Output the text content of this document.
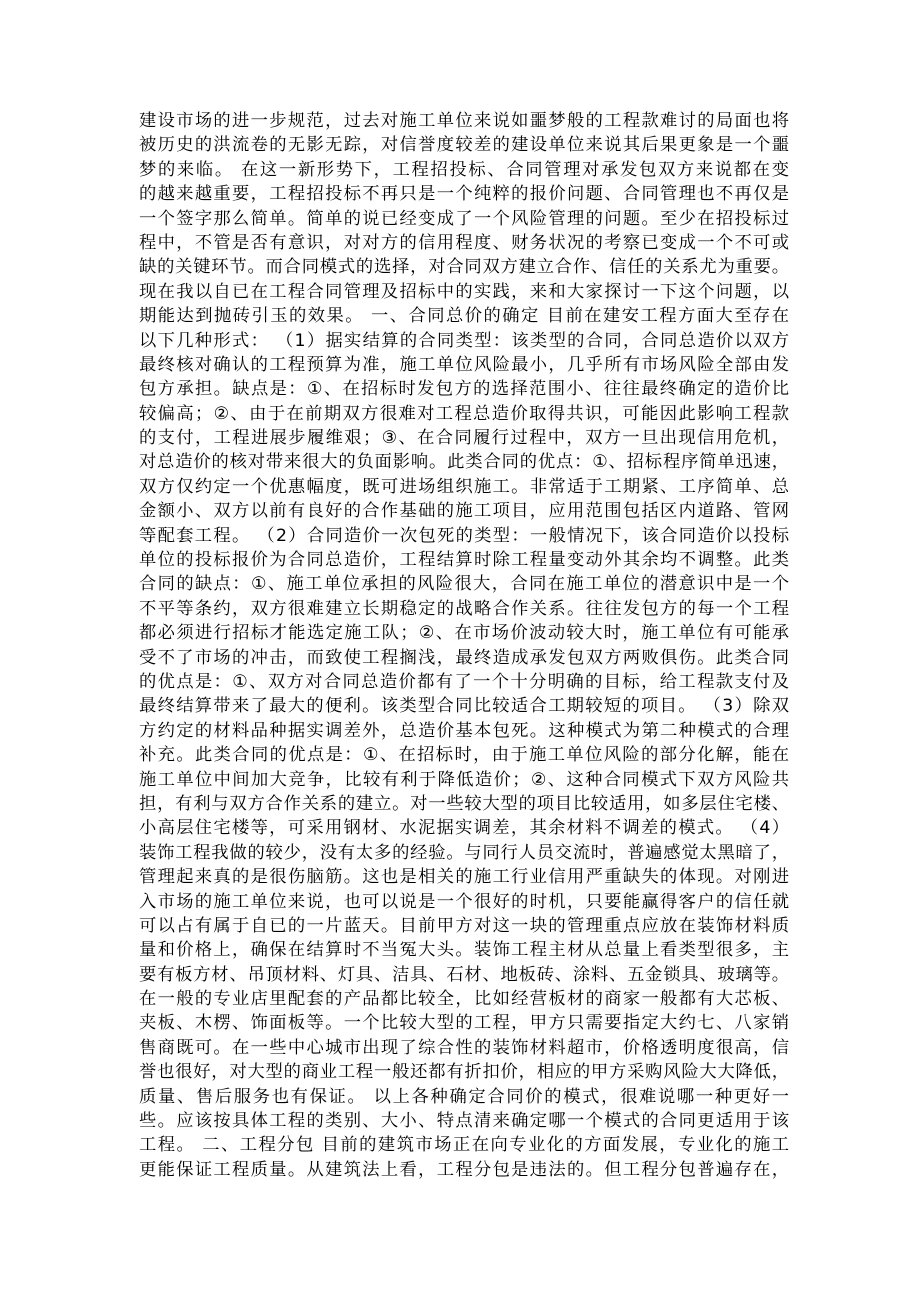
建设市场的进一步规范，过去对施工单位来说如噩梦般的工程款难讨的局面也将
被历史的洪流卷的无影无踪，对信誉度较差的建设单位来说其后果更象是一个噩
梦的来临。 在这一新形势下，工程招投标、合同管理对承发包双方来说都在变
的越来越重要，工程招投标不再只是一个纯粹的报价问题、合同管理也不再仅是
一个签字那么简单。简单的说已经变成了一个风险管理的问题。至少在招投标过
程中，不管是否有意识，对对方的信用程度、财务状况的考察已变成一个不可或
缺的关键环节。而合同模式的选择，对合同双方建立合作、信任的关系尤为重要。
现在我以自已在工程合同管理及招标中的实践，来和大家探讨一下这个问题，以
期能达到抛砖引玉的效果。 一、合同总价的确定 目前在建安工程方面大至存在
以下几种形式： （1）据实结算的合同类型：该类型的合同，合同总造价以双方
最终核对确认的工程预算为准，施工单位风险最小，几乎所有市场风险全部由发
包方承担。缺点是：①、在招标时发包方的选择范围小、往往最终确定的造价比
较偏高；②、由于在前期双方很难对工程总造价取得共识，可能因此影响工程款
的支付，工程进展步履维艰；③、在合同履行过程中，双方一旦出现信用危机，
对总造价的核对带来很大的负面影响。此类合同的优点：①、招标程序简单迅速，
双方仅约定一个优惠幅度，既可进场组织施工。非常适于工期紧、工序简单、总
金额小、双方以前有良好的合作基础的施工项目，应用范围包括区内道路、管网
等配套工程。 （2）合同造价一次包死的类型：一般情况下，该合同造价以投标
单位的投标报价为合同总造价，工程结算时除工程量变动外其余均不调整。此类
合同的缺点：①、施工单位承担的风险很大，合同在施工单位的潜意识中是一个
不平等条约，双方很难建立长期稳定的战略合作关系。往往发包方的每一个工程
都必须进行招标才能选定施工队；②、在市场价波动较大时，施工单位有可能承
受不了市场的冲击，而致使工程搁浅，最终造成承发包双方两败俱伤。此类合同
的优点是：①、双方对合同总造价都有了一个十分明确的目标，给工程款支付及
最终结算带来了最大的便利。该类型合同比较适合工期较短的项目。 （3）除双
方约定的材料品种据实调差外，总造价基本包死。这种模式为第二种模式的合理
补充。此类合同的优点是：①、在招标时，由于施工单位风险的部分化解，能在
施工单位中间加大竞争，比较有利于降低造价；②、这种合同模式下双方风险共
担，有利与双方合作关系的建立。对一些较大型的项目比较适用，如多层住宅楼、
小高层住宅楼等，可采用钢材、水泥据实调差，其余材料不调差的模式。 （4）
装饰工程我做的较少，没有太多的经验。与同行人员交流时，普遍感觉太黑暗了，
管理起来真的是很伤脑筋。这也是相关的施工行业信用严重缺失的体现。对刚进
入市场的施工单位来说，也可以说是一个很好的时机，只要能赢得客户的信任就
可以占有属于自已的一片蓝天。目前甲方对这一块的管理重点应放在装饰材料质
量和价格上，确保在结算时不当冤大头。装饰工程主材从总量上看类型很多，主
要有板方材、吊顶材料、灯具、洁具、石材、地板砖、涂料、五金锁具、玻璃等。
在一般的专业店里配套的产品都比较全，比如经营板材的商家一般都有大芯板、
夹板、木楞、饰面板等。一个比较大型的工程，甲方只需要指定大约七、八家销
售商既可。在一些中心城市出现了综合性的装饰材料超市，价格透明度很高，信
誉也很好，对大型的商业工程一般还都有折扣价，相应的甲方采购风险大大降低，
质量、售后服务也有保证。 以上各种确定合同价的模式，很难说哪一种更好一
些。应该按具体工程的类别、大小、特点清来确定哪一个模式的合同更适用于该
工程。 二、工程分包 目前的建筑市场正在向专业化的方面发展，专业化的施工
更能保证工程质量。从建筑法上看，工程分包是违法的。但工程分包普遍存在，
